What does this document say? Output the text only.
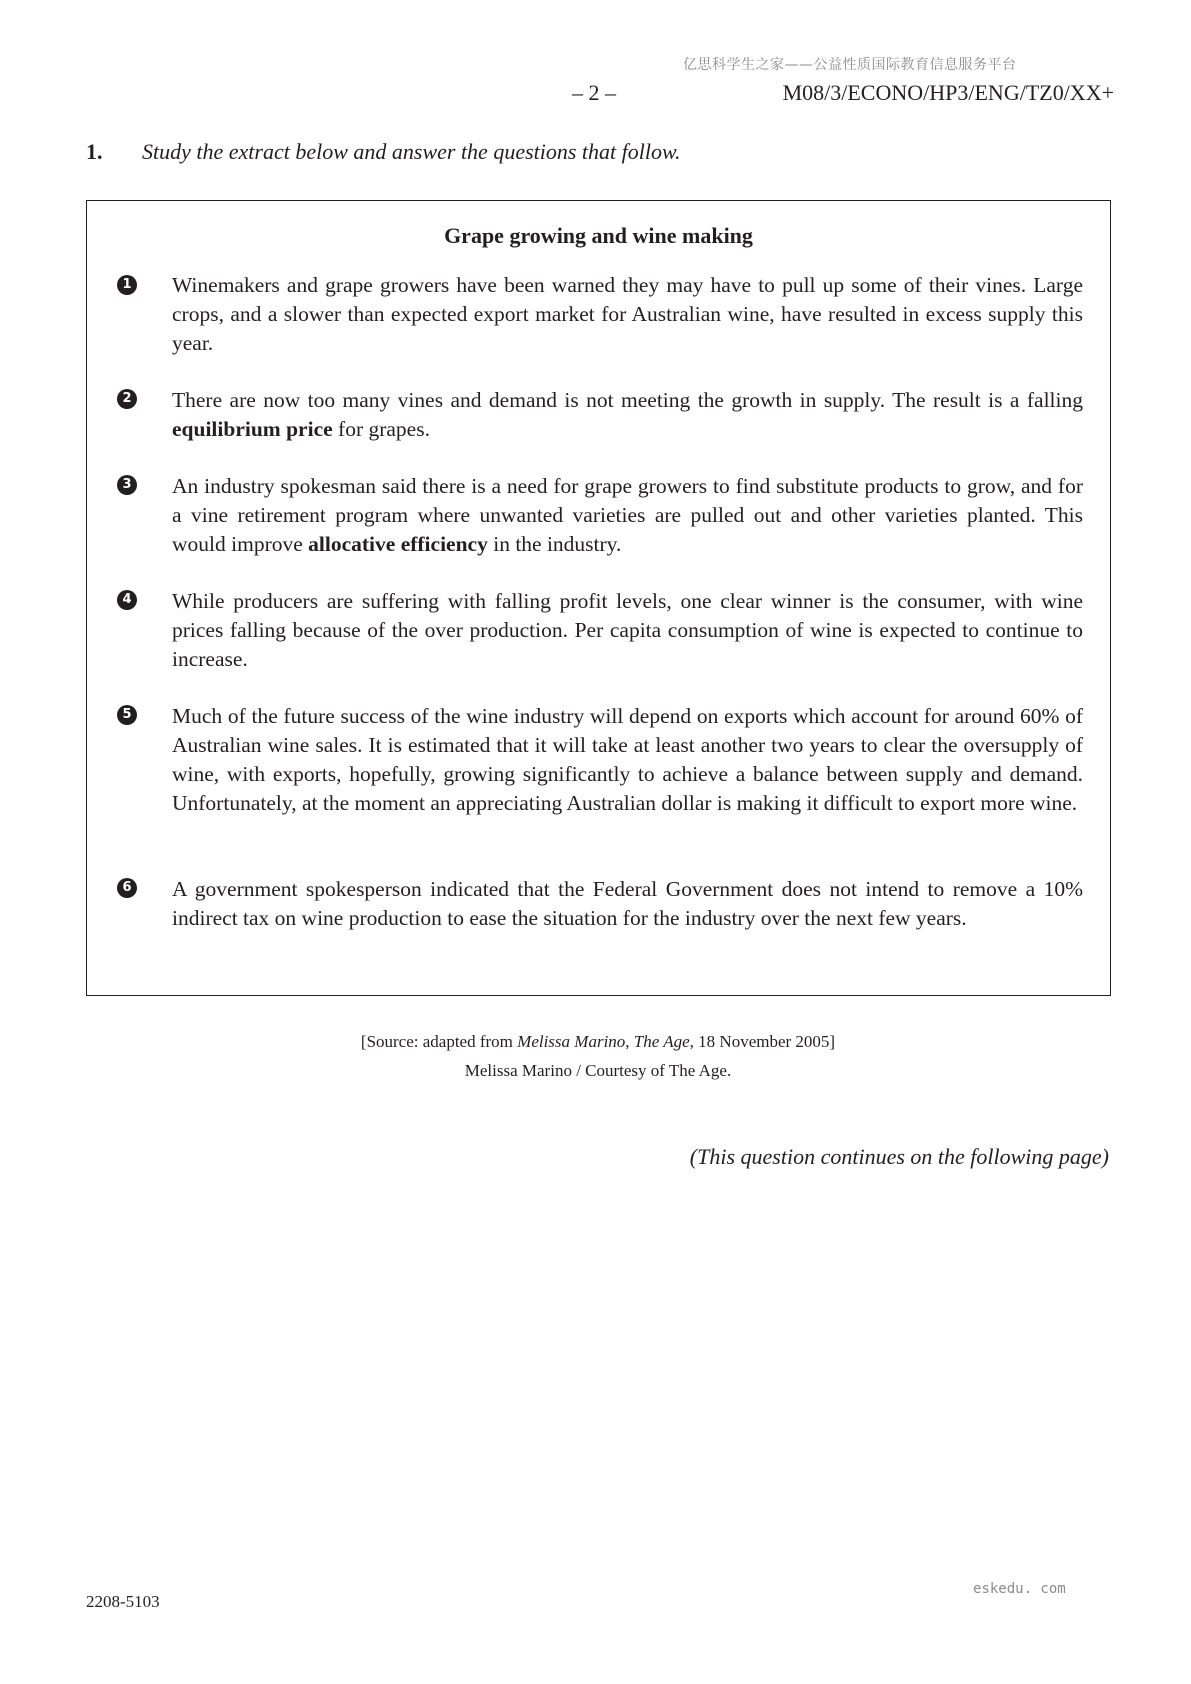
亿思科学生之家——公益性质国际教育信息服务平台
– 2 –	M08/3/ECONO/HP3/ENG/TZ0/XX+
1. Study the extract below and answer the questions that follow.
Grape growing and wine making
1 Winemakers and grape growers have been warned they may have to pull up some of their vines. Large crops, and a slower than expected export market for Australian wine, have resulted in excess supply this year.

2 There are now too many vines and demand is not meeting the growth in supply. The result is a falling equilibrium price for grapes.

3 An industry spokesman said there is a need for grape growers to find substitute products to grow, and for a vine retirement program where unwanted varieties are pulled out and other varieties planted. This would improve allocative efficiency in the industry.

4 While producers are suffering with falling profit levels, one clear winner is the consumer, with wine prices falling because of the over production. Per capita consumption of wine is expected to continue to increase.

5 Much of the future success of the wine industry will depend on exports which account for around 60% of Australian wine sales. It is estimated that it will take at least another two years to clear the oversupply of wine, with exports, hopefully, growing significantly to achieve a balance between supply and demand. Unfortunately, at the moment an appreciating Australian dollar is making it difficult to export more wine.

6 A government spokesperson indicated that the Federal Government does not intend to remove a 10% indirect tax on wine production to ease the situation for the industry over the next few years.

[Source: adapted from Melissa Marino, The Age, 18 November 2005]
Melissa Marino / Courtesy of The Age.
(This question continues on the following page)
eskedu. com
2208-5103
